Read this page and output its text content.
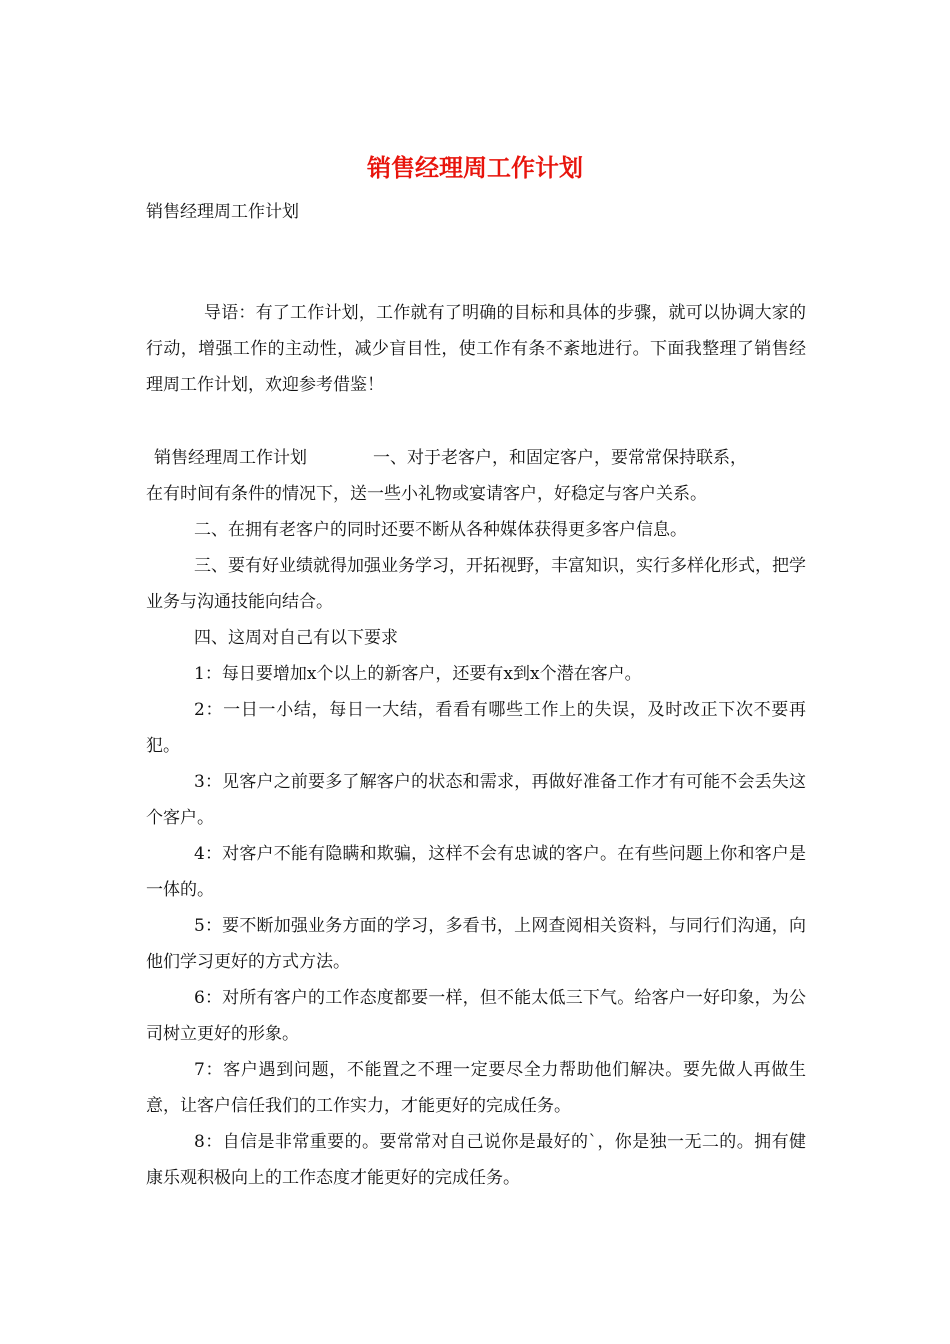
销售经理周工作计划
销售经理周工作计划
导语：有了工作计划，工作就有了明确的目标和具体的步骤，就可以协调大家的行动，增强工作的主动性，减少盲目性，使工作有条不紊地进行。下面我整理了销售经理周工作计划，欢迎参考借鉴！
销售经理周工作计划	一、对于老客户，和固定客户，要常常保持联系，
在有时间有条件的情况下，送一些小礼物或宴请客户，好稳定与客户关系。
二、在拥有老客户的同时还要不断从各种媒体获得更多客户信息。
三、要有好业绩就得加强业务学习，开拓视野，丰富知识，实行多样化形式，把学业务与沟通技能向结合。
四、这周对自己有以下要求
1：每日要增加x个以上的新客户，还要有x到x个潜在客户。
2：一日一小结，每日一大结，看看有哪些工作上的失误，及时改正下次不要再犯。
3：见客户之前要多了解客户的状态和需求，再做好准备工作才有可能不会丢失这个客户。
4：对客户不能有隐瞒和欺骗，这样不会有忠诚的客户。在有些问题上你和客户是一体的。
5：要不断加强业务方面的学习，多看书，上网查阅相关资料，与同行们沟通，向他们学习更好的方式方法。
6：对所有客户的工作态度都要一样，但不能太低三下气。给客户一好印象，为公司树立更好的形象。
7：客户遇到问题，不能置之不理一定要尽全力帮助他们解决。要先做人再做生意，让客户信任我们的工作实力，才能更好的完成任务。
8：自信是非常重要的。要常常对自己说你是最好的`，你是独一无二的。拥有健康乐观积极向上的工作态度才能更好的完成任务。
